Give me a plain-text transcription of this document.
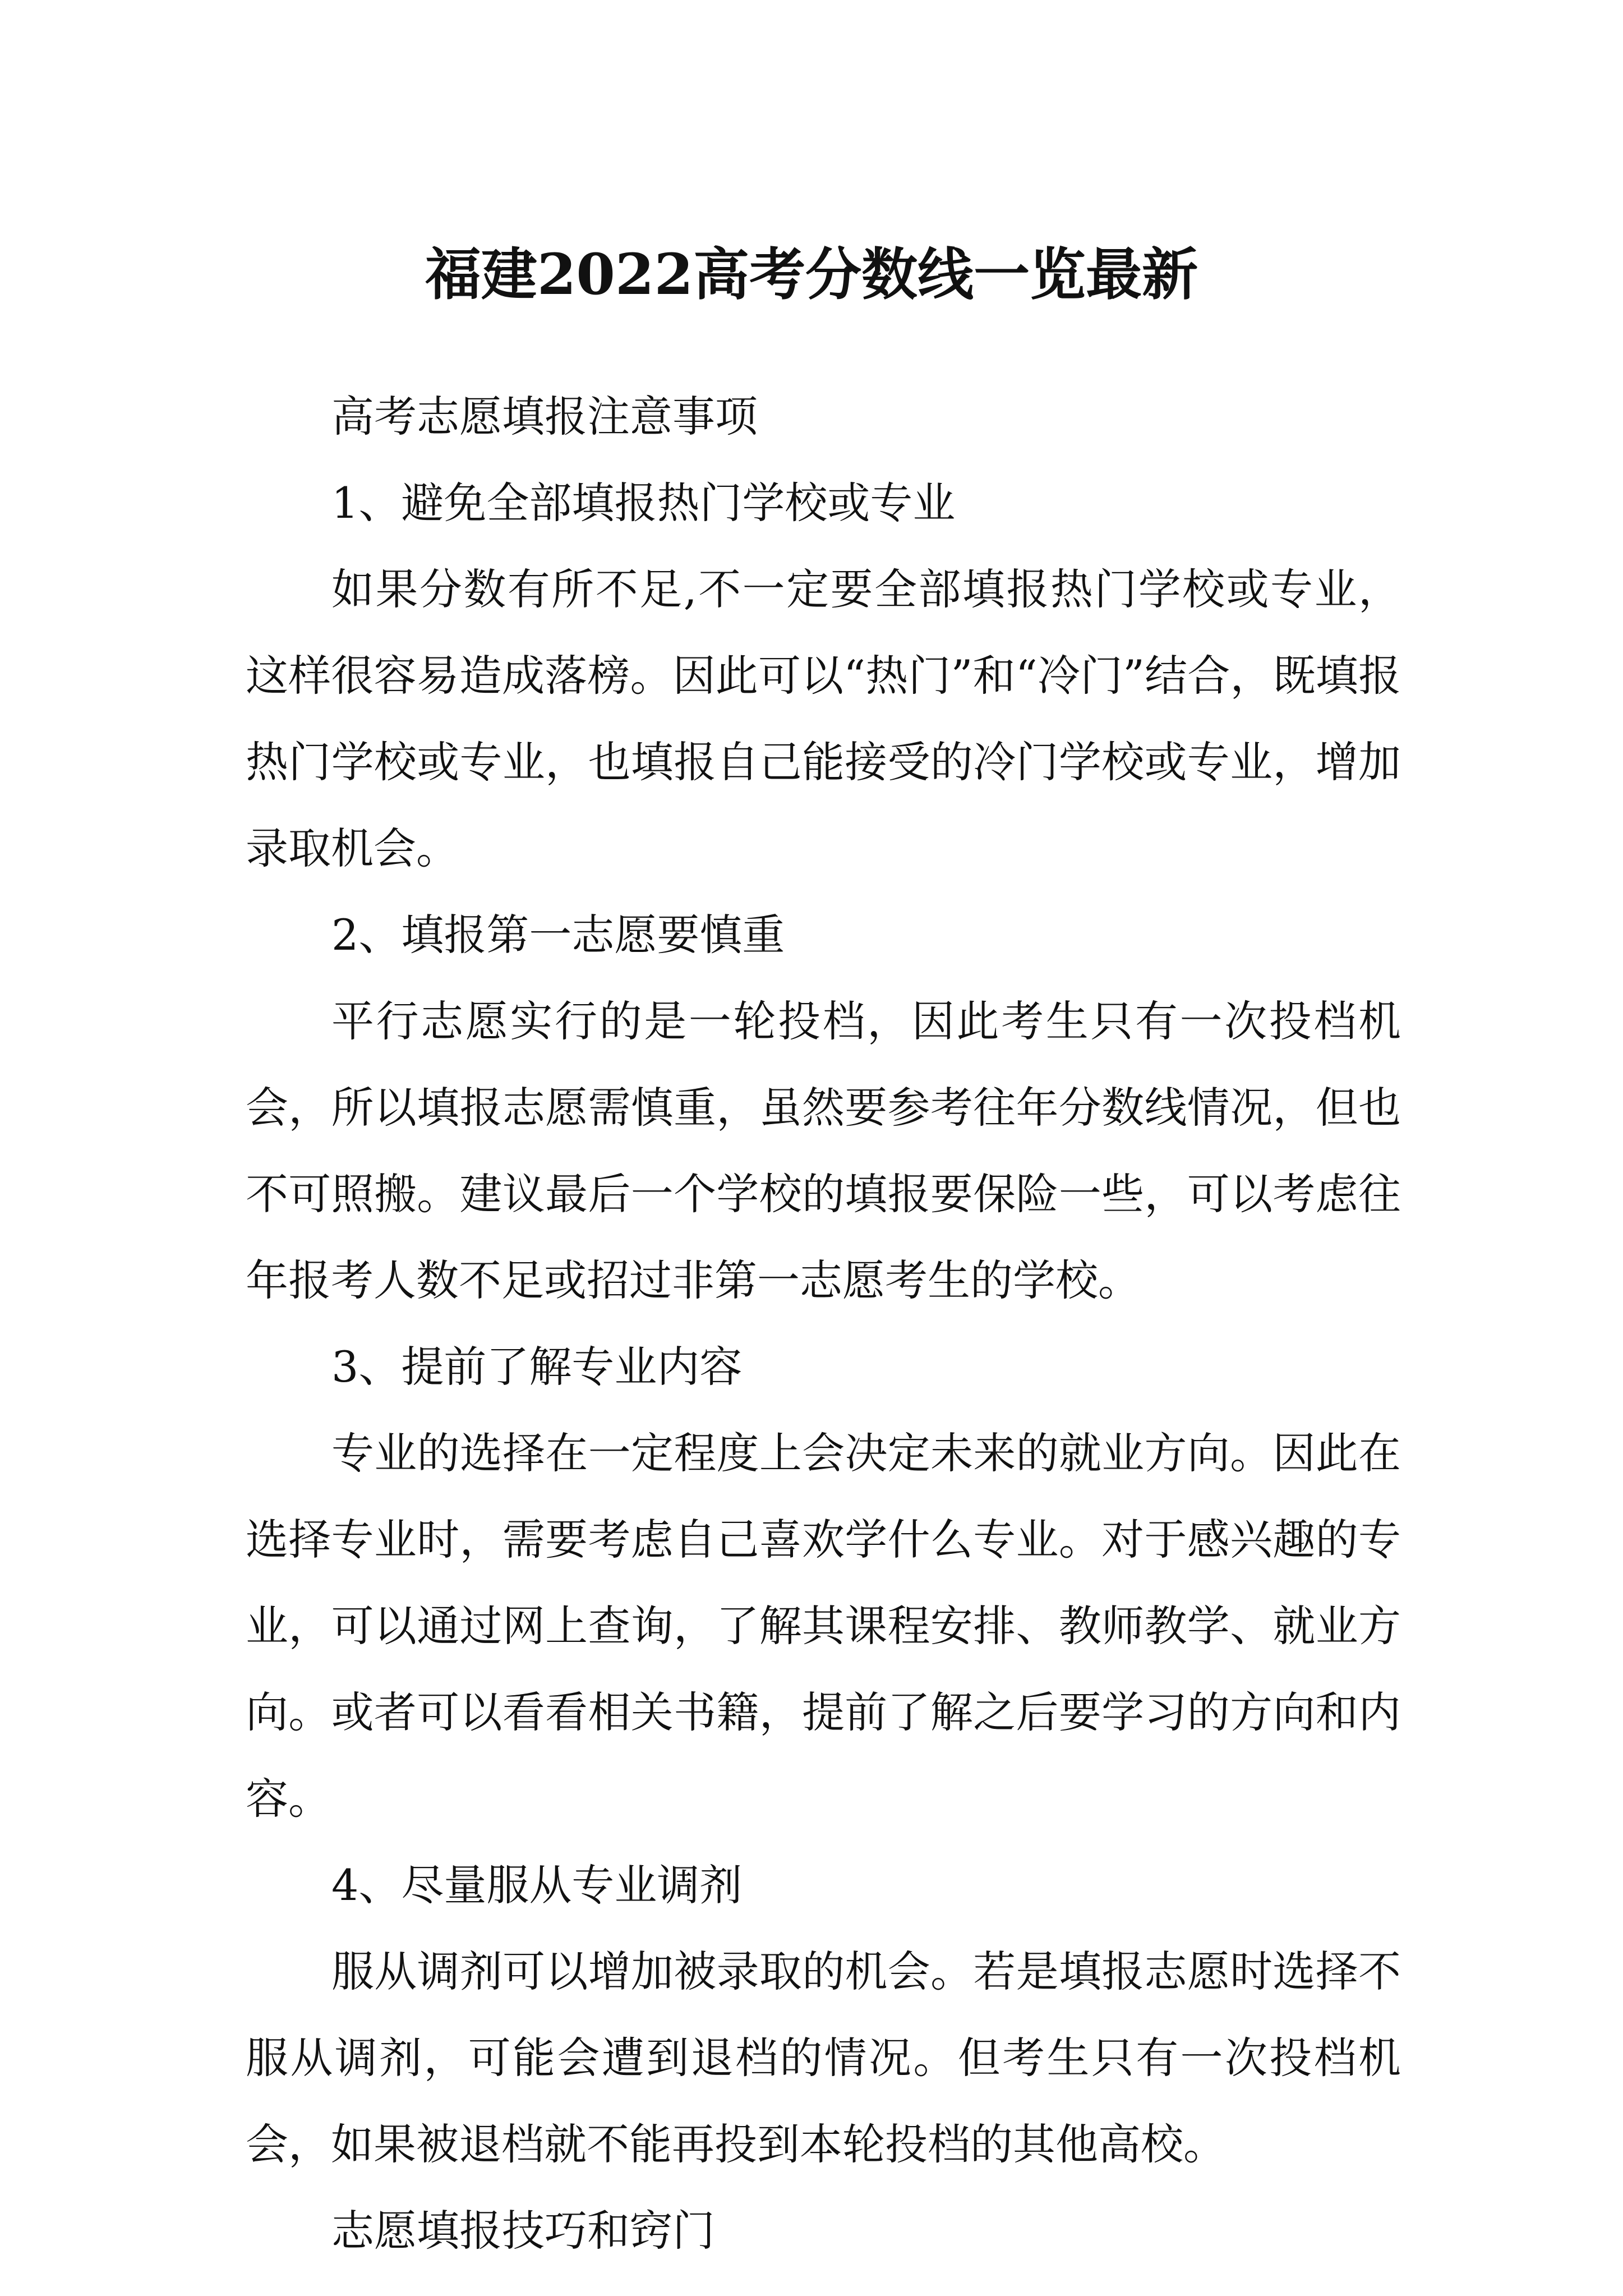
福建2022高考分数线一览最新

高考志愿填报注意事项

1、避免全部填报热门学校或专业

如果分数有所不足,不一定要全部填报热门学校或专业，这样很容易造成落榜。因此可以“热门”和“冷门”结合，既填报热门学校或专业，也填报自己能接受的冷门学校或专业，增加录取机会。

2、填报第一志愿要慎重

平行志愿实行的是一轮投档，因此考生只有一次投档机会，所以填报志愿需慎重，虽然要参考往年分数线情况，但也不可照搬。建议最后一个学校的填报要保险一些，可以考虑往年报考人数不足或招过非第一志愿考生的学校。

3、提前了解专业内容

专业的选择在一定程度上会决定未来的就业方向。因此在选择专业时，需要考虑自己喜欢学什么专业。对于感兴趣的专业，可以通过网上查询，了解其课程安排、教师教学、就业方向。或者可以看看相关书籍，提前了解之后要学习的方向和内容。

4、尽量服从专业调剂

服从调剂可以增加被录取的机会。若是填报志愿时选择不服从调剂，可能会遭到退档的情况。但考生只有一次投档机会，如果被退档就不能再投到本轮投档的其他高校。

志愿填报技巧和窍门
